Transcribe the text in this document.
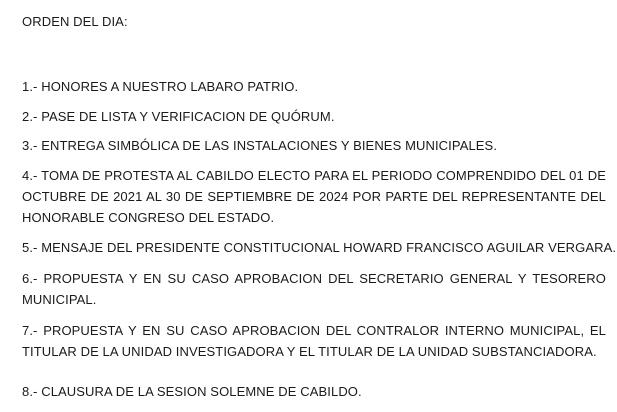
ORDEN DEL DIA:

1.- HONORES A NUESTRO LABARO PATRIO.

2.- PASE DE LISTA Y VERIFICACION DE QUÓRUM.

3.- ENTREGA SIMBÓLICA DE LAS INSTALACIONES Y BIENES MUNICIPALES.

4.- TOMA DE PROTESTA AL CABILDO ELECTO PARA EL PERIODO COMPRENDIDO DEL 01 DE
OCTUBRE DE 2021 AL 30 DE SEPTIEMBRE DE 2024 POR PARTE DEL REPRESENTANTE DEL
HONORABLE CONGRESO DEL ESTADO.

5.- MENSAJE DEL PRESIDENTE CONSTITUCIONAL HOWARD FRANCISCO AGUILAR VERGARA.

6.- PROPUESTA Y EN SU CASO APROBACION DEL SECRETARIO GENERAL Y TESORERO
MUNICIPAL.
7.- PROPUESTA Y EN SU CASO APROBACION DEL CONTRALOR INTERNO MUNICIPAL, EL
TITULAR DE LA UNIDAD INVESTIGADORA Y EL TITULAR DE LA UNIDAD SUBSTANCIADORA.

8.- CLAUSURA DE LA SESION SOLEMNE DE CABILDO.
